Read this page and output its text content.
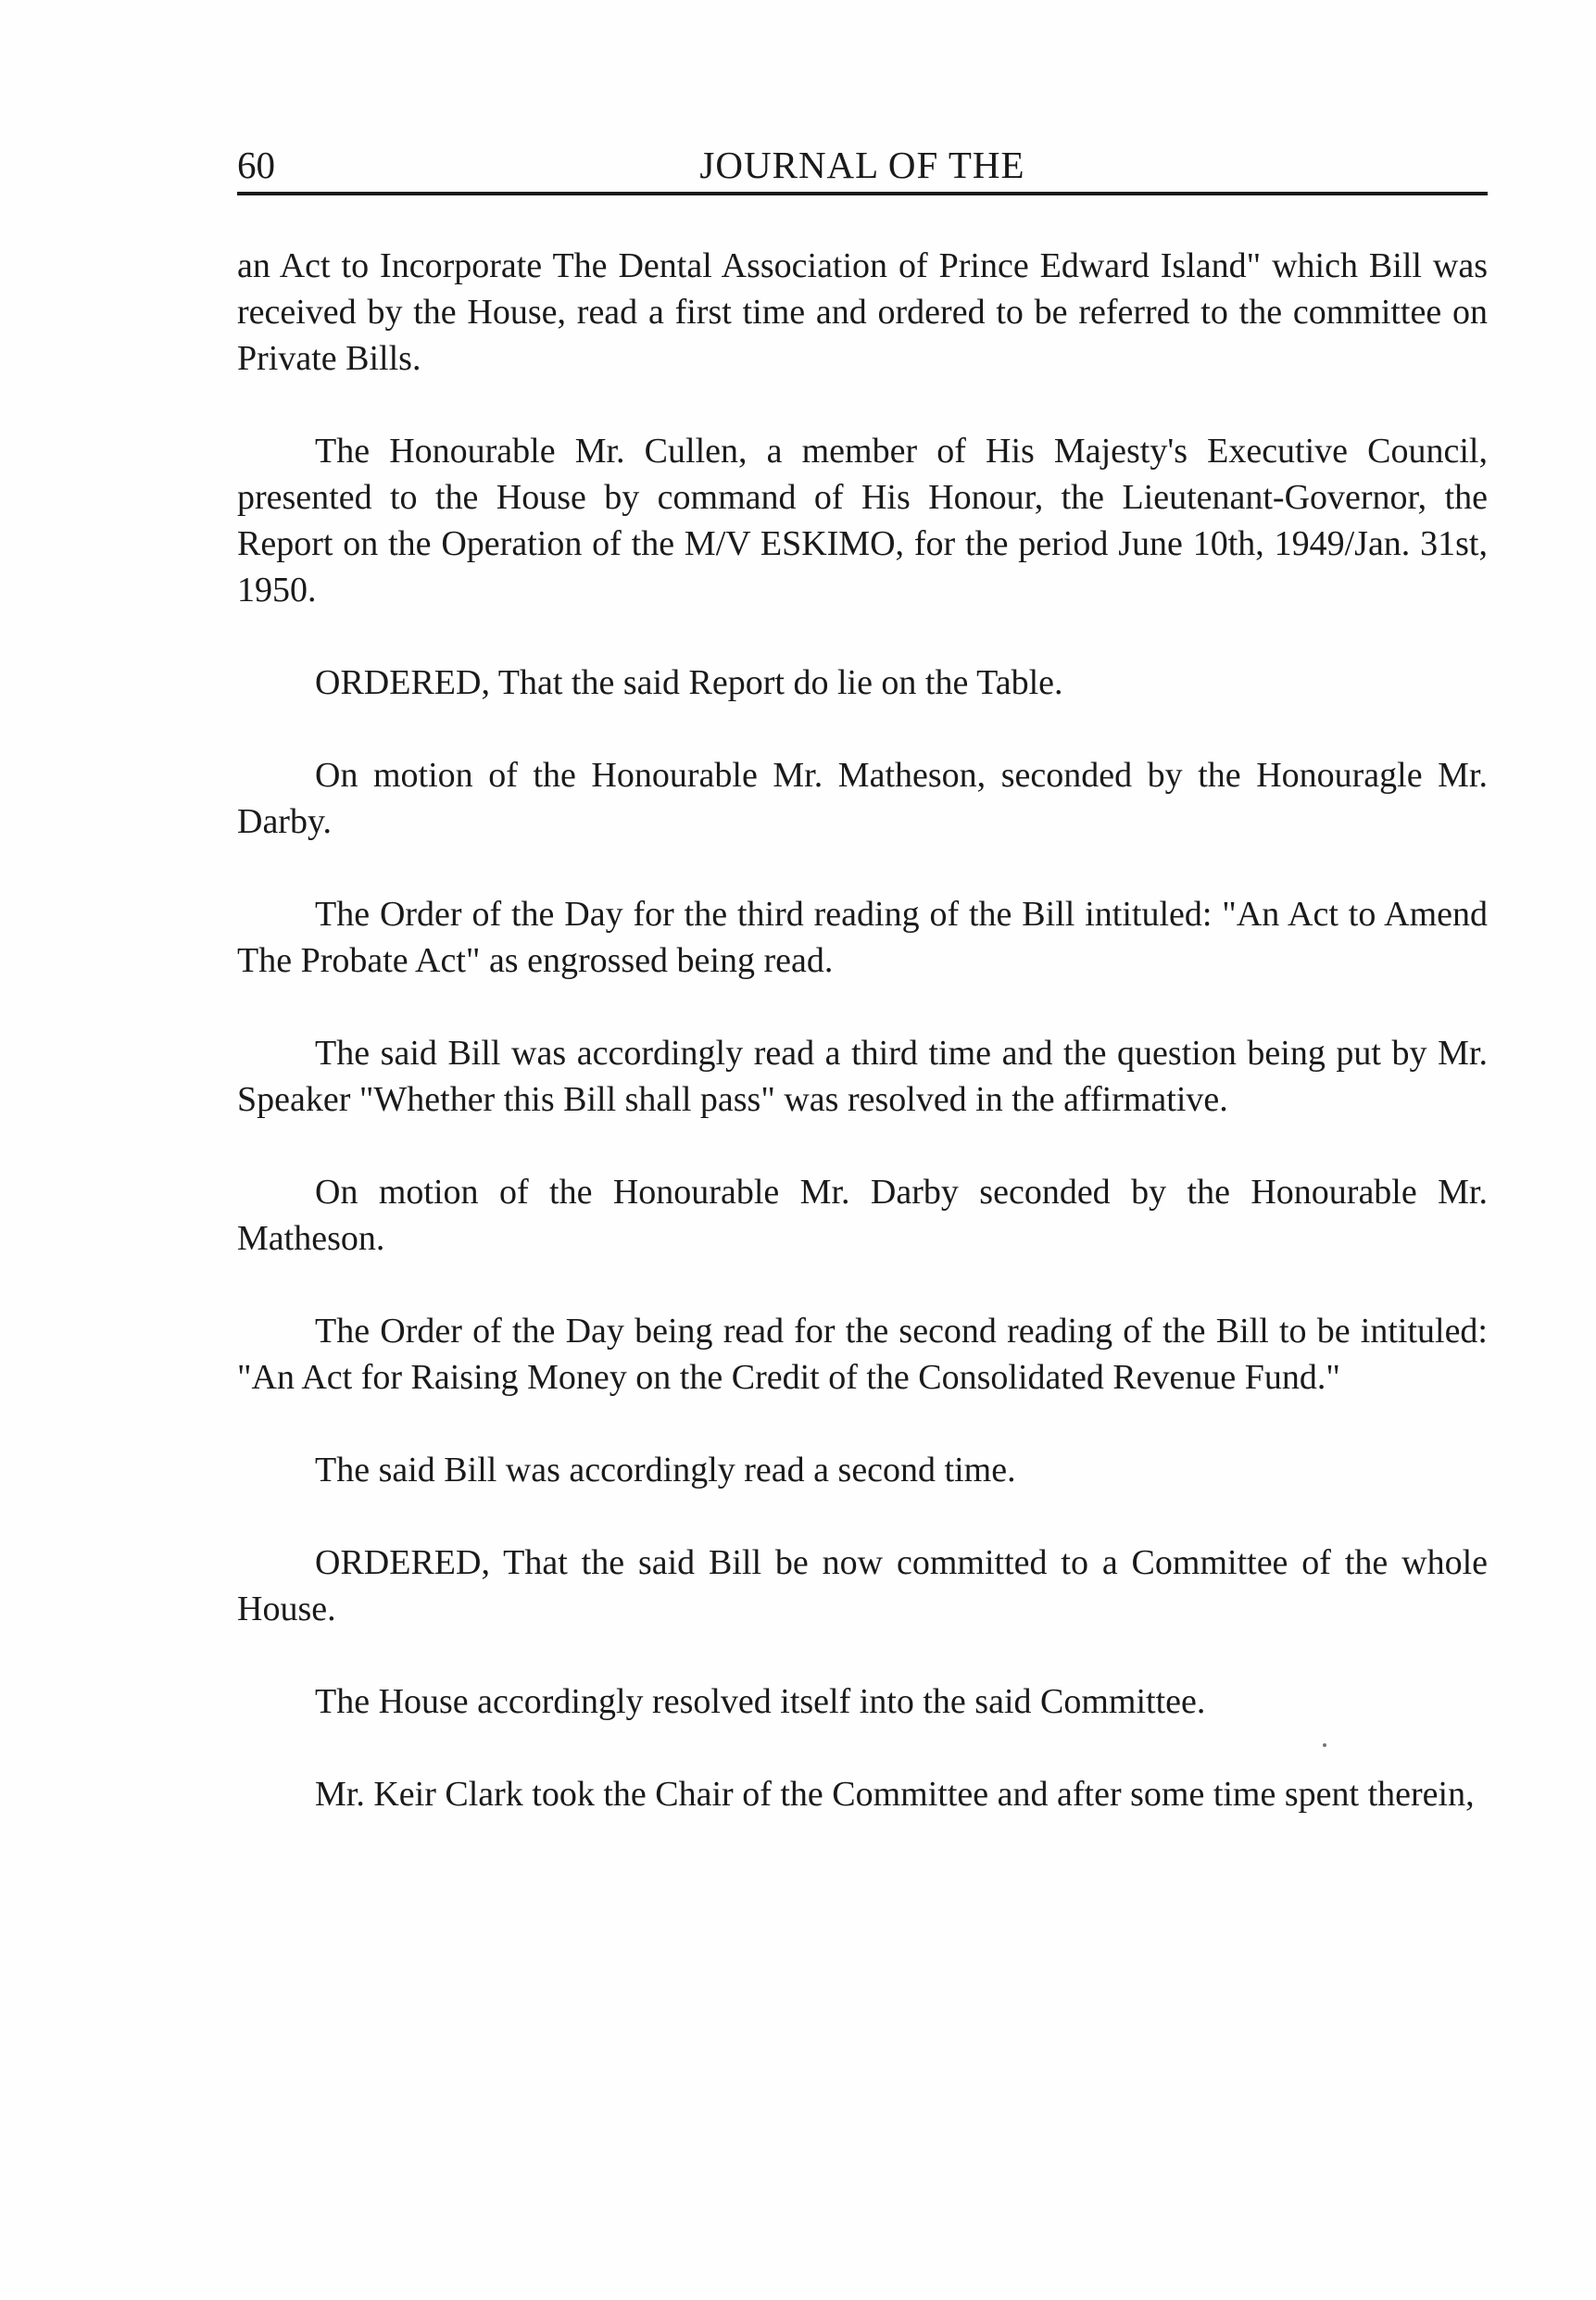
60	JOURNAL OF THE

an Act to Incorporate The Dental Association of Prince Edward Island" which Bill was received by the House, read a first time and ordered to be referred to the committee on Private Bills.

The Honourable Mr. Cullen, a member of His Majesty's Executive Council, presented to the House by command of His Honour, the Lieutenant-Governor, the Report on the Operation of the M/V ESKIMO, for the period June 10th, 1949/Jan. 31st, 1950.

ORDERED, That the said Report do lie on the Table.

On motion of the Honourable Mr. Matheson, seconded by the Honouragle Mr. Darby.

The Order of the Day for the third reading of the Bill intituled: "An Act to Amend The Probate Act" as engrossed being read.

The said Bill was accordingly read a third time and the question being put by Mr. Speaker "Whether this Bill shall pass" was resolved in the affirmative.

On motion of the Honourable Mr. Darby seconded by the Honourable Mr. Matheson.

The Order of the Day being read for the second reading of the Bill to be intituled: "An Act for Raising Money on the Credit of the Consolidated Revenue Fund."

The said Bill was accordingly read a second time.

ORDERED, That the said Bill be now committed to a Committee of the whole House.

The House accordingly resolved itself into the said Committee.

Mr. Keir Clark took the Chair of the Committee and after some time spent therein,
